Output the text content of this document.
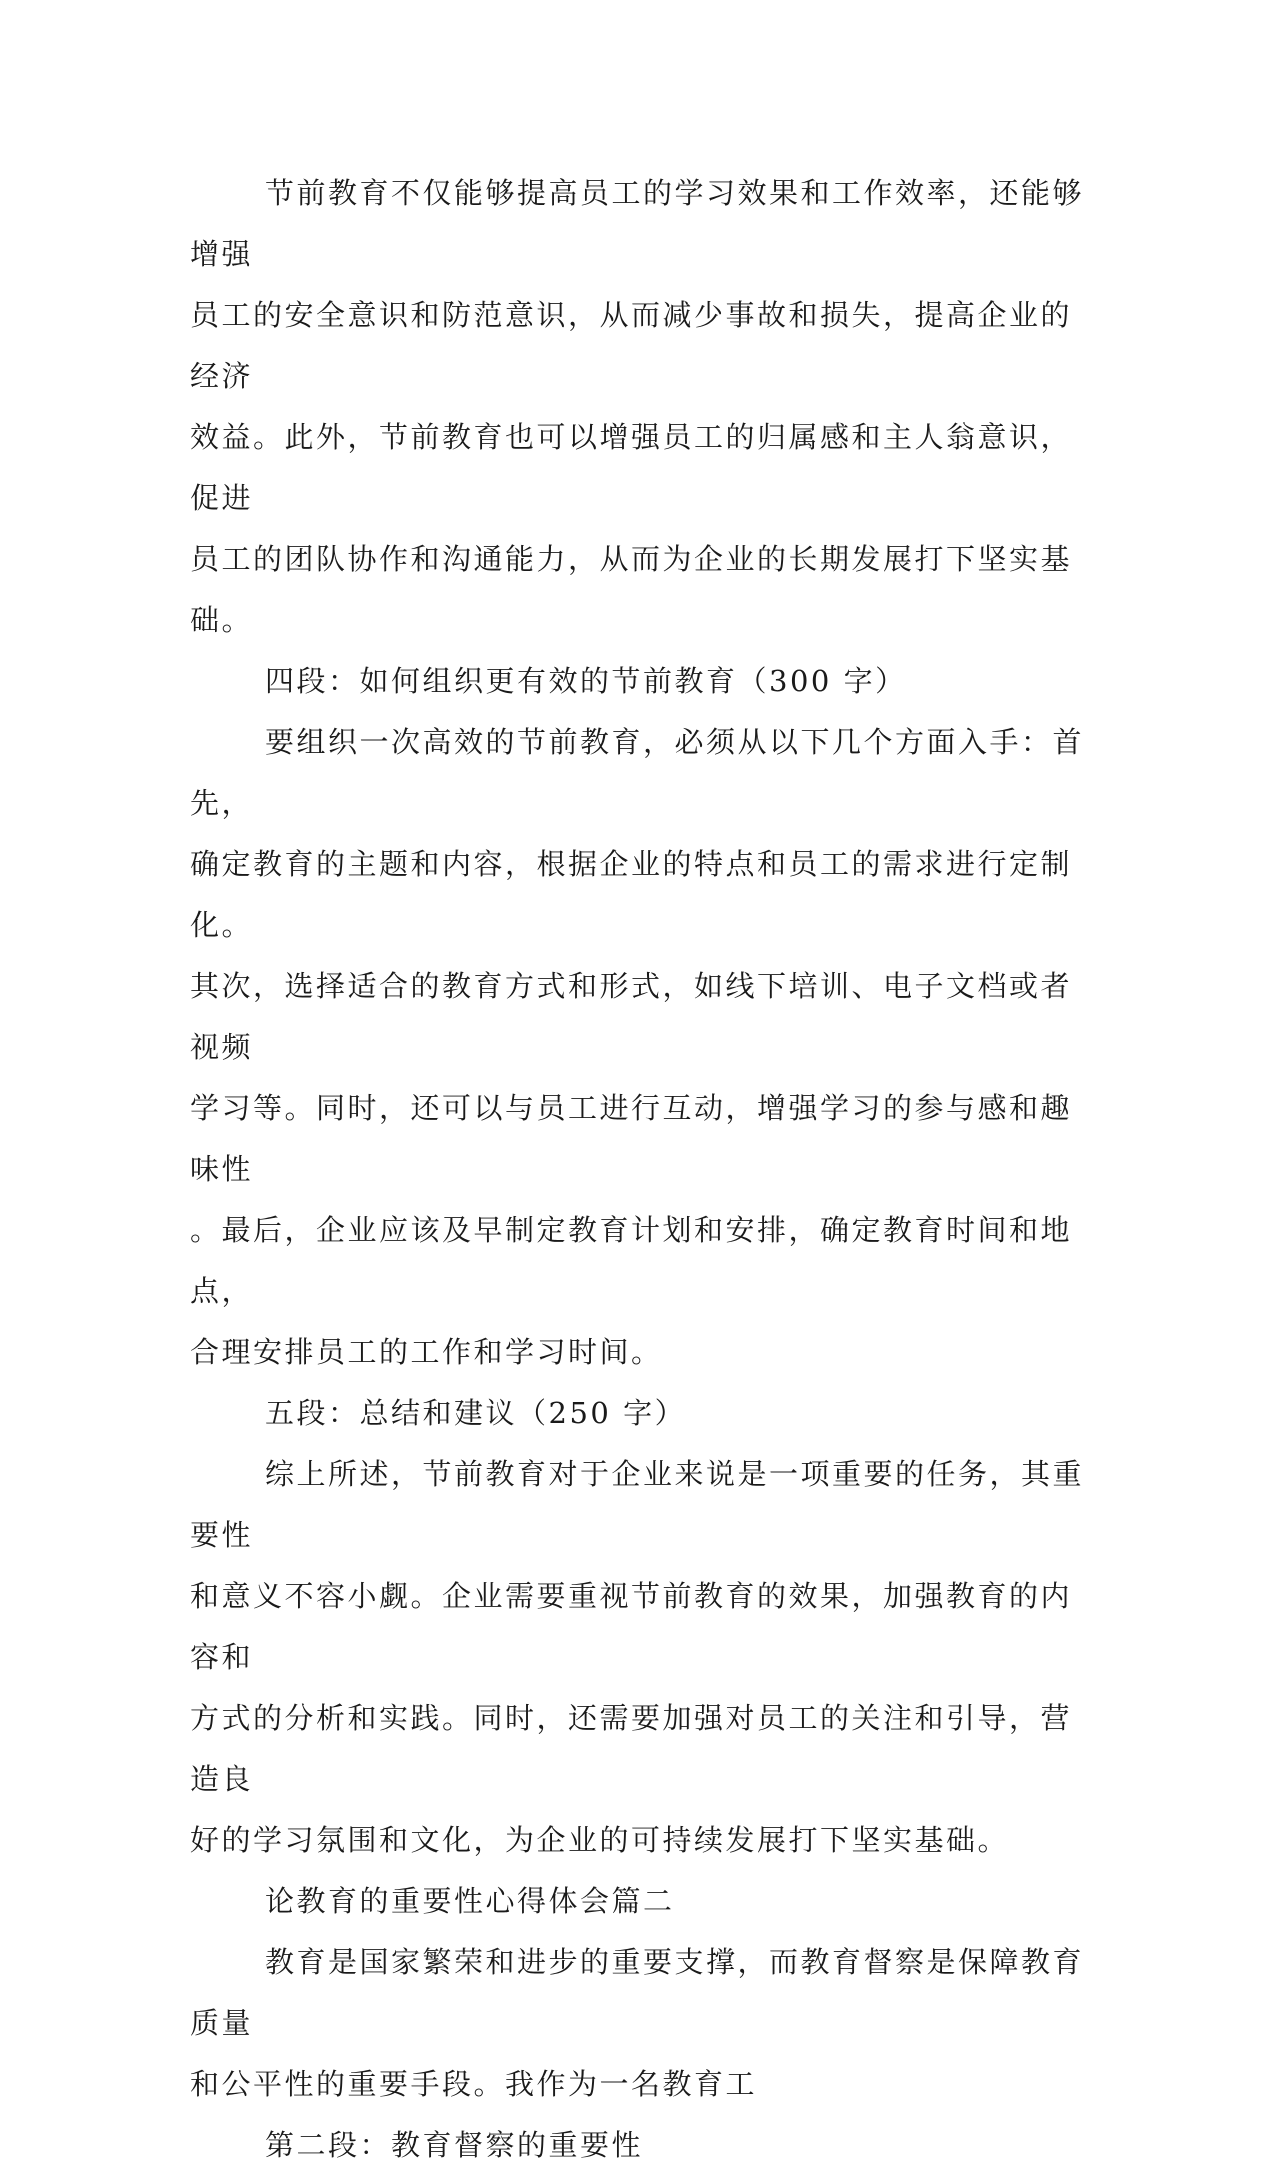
节前教育不仅能够提高员工的学习效果和工作效率，还能够增强
员工的安全意识和防范意识，从而减少事故和损失，提高企业的经济
效益。此外，节前教育也可以增强员工的归属感和主人翁意识，促进
员工的团队协作和沟通能力，从而为企业的长期发展打下坚实基础。
四段：如何组织更有效的节前教育（300 字）
要组织一次高效的节前教育，必须从以下几个方面入手：首先，
确定教育的主题和内容，根据企业的特点和员工的需求进行定制化。
其次，选择适合的教育方式和形式，如线下培训、电子文档或者视频
学习等。同时，还可以与员工进行互动，增强学习的参与感和趣味性
。最后，企业应该及早制定教育计划和安排，确定教育时间和地点，
合理安排员工的工作和学习时间。
五段：总结和建议（250 字）
综上所述，节前教育对于企业来说是一项重要的任务，其重要性
和意义不容小觑。企业需要重视节前教育的效果，加强教育的内容和
方式的分析和实践。同时，还需要加强对员工的关注和引导，营造良
好的学习氛围和文化，为企业的可持续发展打下坚实基础。
论教育的重要性心得体会篇二
教育是国家繁荣和进步的重要支撑，而教育督察是保障教育质量
和公平性的重要手段。我作为一名教育工
第二段：教育督察的重要性
